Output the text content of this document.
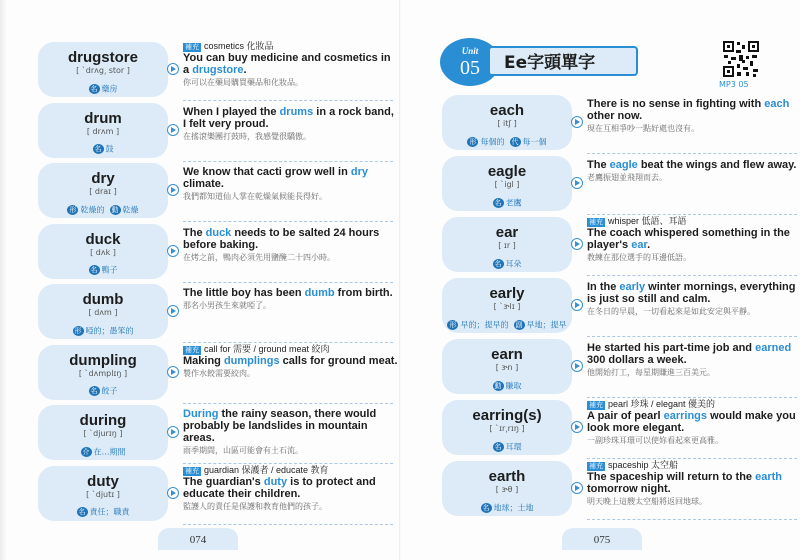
074
drugstore
[ `drʌg͵ stor ]
名 藥房
補充 cosmetics 化妝品
You can buy medicine and cosmetics in a drugstore.
你可以在藥局購買藥品和化妝品。
drum
[ drʌm ]
名 鼓
When I played the drums in a rock band, I felt very proud.
在搖滾樂團打鼓時，我感覺很驕傲。
dry
[ draɪ ]
形 乾燥的 動 乾燥
We know that cacti grow well in dry climate.
我們都知道仙人掌在乾燥氣候能長得好。
duck
[ dʌk ]
名 鴨子
The duck needs to be salted 24 hours before baking.
在烤之前，鴨肉必須先用鹽醃二十四小時。
dumb
[ dʌm ]
形 啞的；愚笨的
The little boy has been dumb from birth.
那名小男孩生來就啞了。
dumpling
[ `dʌmplɪŋ ]
名 餃子
補充 call for 需要 / ground meat 絞肉
Making dumplings calls for ground meat.
製作水餃需要絞肉。
during
[ `djurɪŋ ]
介 在…期間
During the rainy season, there would probably be landslides in mountain areas.
雨季期間，山區可能會有土石流。
duty
[ `djutɪ ]
名 責任；職責
補充 guardian 保護者 / educate 教育
The guardian's duty is to protect and educate their children.
監護人的責任是保護和教育他們的孩子。
Unit
05	Ee字頭單字
MP3 05
075
each
[ itʃ ]
形 每個的 代 每一個
There is no sense in fighting with each other now.
現在互相爭吵一點好處也沒有。
eagle
[ `igl ]
名 老鷹
The eagle beat the wings and flew away.
老鷹振翅並飛翔而去。
ear
[ ɪr ]
名 耳朵
補充 whisper 低語、耳語
The coach whispered something in the player's ear.
教練在那位選手的耳邊低語。
early
[ `ɝlɪ ]
形 早的；提早的 副 早地；提早
In the early winter mornings, everything is just so still and calm.
在冬日的早晨，一切看起來是如此安定與平靜。
earn
[ ɝn ]
動 賺取
He started his part-time job and earned 300 dollars a week.
他開始打工，每星期賺進三百美元。
earring(s)
[ `ɪr͵rɪŋ ]
名 耳環
補充 pearl 珍珠 / elegant 優美的
A pair of pearl earrings would make you look more elegant.
一副珍珠耳環可以使妳看起來更高雅。
earth
[ ɝθ ]
名 地球；土地
補充 spaceship 太空船
The spaceship will return to the earth tomorrow night.
明天晚上這艘太空船將返回地球。
